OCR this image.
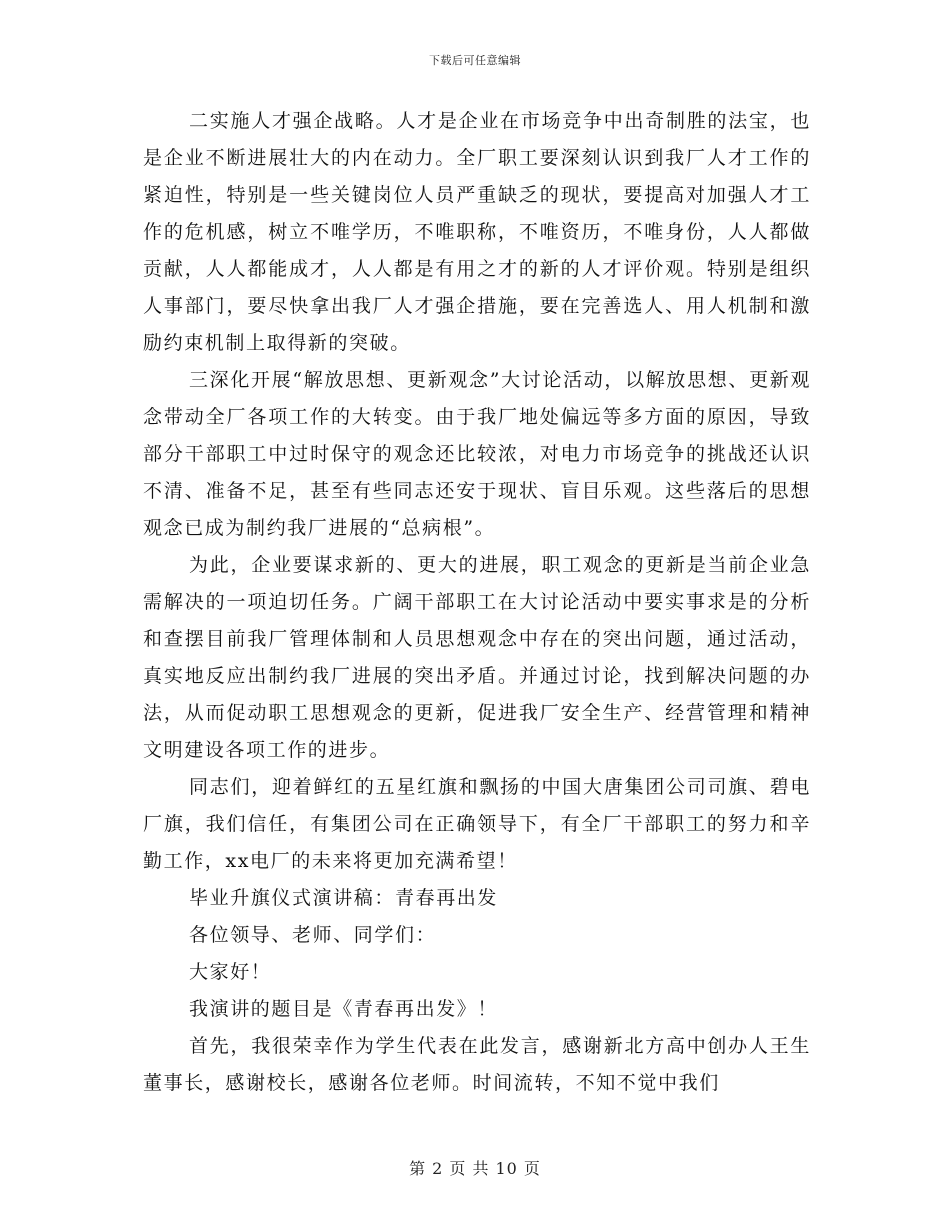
下载后可任意编辑

二实施人才强企战略。人才是企业在市场竞争中出奇制胜的法宝，也是企业不断进展壮大的内在动力。全厂职工要深刻认识到我厂人才工作的紧迫性，特别是一些关键岗位人员严重缺乏的现状，要提高对加强人才工作的危机感，树立不唯学历，不唯职称，不唯资历，不唯身份，人人都做贡献，人人都能成才，人人都是有用之才的新的人才评价观。特别是组织人事部门，要尽快拿出我厂人才强企措施，要在完善选人、用人机制和激励约束机制上取得新的突破。

三深化开展“解放思想、更新观念”大讨论活动，以解放思想、更新观念带动全厂各项工作的大转变。由于我厂地处偏远等多方面的原因，导致部分干部职工中过时保守的观念还比较浓，对电力市场竞争的挑战还认识不清、准备不足，甚至有些同志还安于现状、盲目乐观。这些落后的思想观念已成为制约我厂进展的“总病根”。

为此，企业要谋求新的、更大的进展，职工观念的更新是当前企业急需解决的一项迫切任务。广阔干部职工在大讨论活动中要实事求是的分析和查摆目前我厂管理体制和人员思想观念中存在的突出问题，通过活动，真实地反应出制约我厂进展的突出矛盾。并通过讨论，找到解决问题的办法，从而促动职工思想观念的更新，促进我厂安全生产、经营管理和精神文明建设各项工作的进步。

同志们，迎着鲜红的五星红旗和飘扬的中国大唐集团公司司旗、碧电厂旗，我们信任，有集团公司在正确领导下，有全厂干部职工的努力和辛勤工作，xx电厂的未来将更加充满希望！

毕业升旗仪式演讲稿：青春再出发

各位领导、老师、同学们：

大家好！

我演讲的题目是《青春再出发》！

首先，我很荣幸作为学生代表在此发言，感谢新北方高中创办人王生董事长，感谢校长，感谢各位老师。时间流转，不知不觉中我们

第 2 页 共 10 页
